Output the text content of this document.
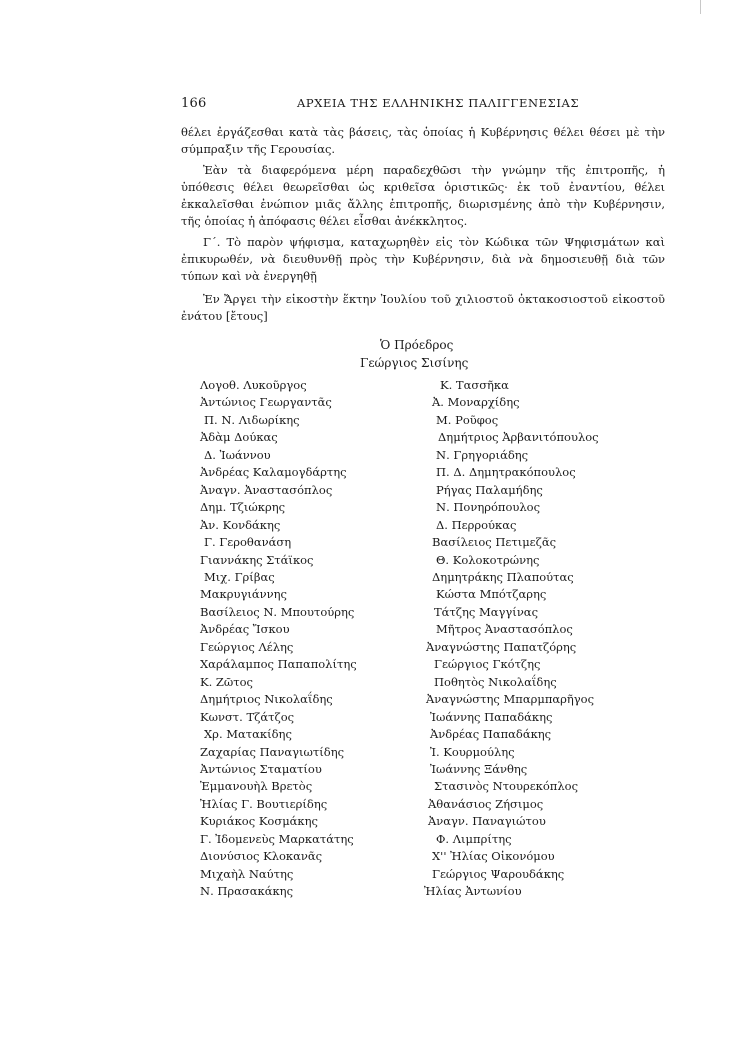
166	ΑΡΧΕΙΑ ΤΗΣ ΕΛΛΗΝΙΚΗΣ ΠΑΛΙΓΓΕΝΕΣΙΑΣ

θέλει ἐργάζεσθαι κατὰ τὰς βάσεις, τὰς ὁποίας ἡ Κυβέρνησις θέλει θέσει μὲ τὴν σύμπραξιν τῆς Γερουσίας.

Ἐὰν τὰ διαφερόμενα μέρη παραδεχθῶσι τὴν γνώμην τῆς ἐπιτροπῆς, ἡ ὑπόθεσις θέλει θεωρεῖσθαι ὡς κριθεῖσα ὁριστικῶς· ἐκ τοῦ ἐναντίου, θέλει ἐκκαλεῖσθαι ἐνώπιον μιᾶς ἄλλης ἐπιτροπῆς, διωρισμένης ἀπὸ τὴν Κυβέρνησιν, τῆς ὁποίας ἡ ἀπόφασις θέλει εἶσθαι ἀνέκκλητος.

Γ΄. Τὸ παρὸν ψήφισμα, καταχωρηθὲν εἰς τὸν Κώδικα τῶν Ψηφισμάτων καὶ ἐπικυρωθέν, νὰ διευθυνθῇ πρὸς τὴν Κυβέρνησιν, διὰ νὰ δημοσιευθῇ διὰ τῶν τύπων καὶ νὰ ἐνεργηθῇ

Ἐν Ἄργει τὴν εἰκοστὴν ἕκτην Ἰουλίου τοῦ χιλιοστοῦ ὀκτακοσιοστοῦ εἰκοστοῦ ἐνάτου [ἔτους]

Ὁ Πρόεδρος
Γεώργιος Σισίνης
Λογοθ. Λυκοῦργος
Ἀντώνιος Γεωργαντᾶς
Π. Ν. Λιδωρίκης
Ἀδὰμ Δούκας
Δ. Ἰωάννου
Ἀνδρέας Καλαμογδάρτης
Ἀναγν. Ἀναστασόπλος
Δημ. Τζιώκρης
Ἀν. Κονδάκης
Γ. Γεροθανάση
Γιαννάκης Στάϊκος
Μιχ. Γρίβας
Μακρυγιάννης
Βασίλειος Ν. Μπουτούρης
Ἀνδρέας Ἴσκου
Γεώργιος Λέλης
Χαράλαμπος Παπαπολίτης
Κ. Ζῶτος
Δημήτριος Νικολαΐδης
Κωνστ. Τζάτζος
Χρ. Ματακίδης
Ζαχαρίας Παναγιωτίδης
Ἀντώνιος Σταματίου
Ἐμμανουὴλ Βρετὸς
Ἠλίας Γ. Βουτιερίδης
Κυριάκος Κοσμάκης
Γ. Ἰδομενεὺς Μαρκατάτης
Διονύσιος Κλοκανᾶς
Μιχαὴλ Ναύτης
Ν. Πρασακάκης
Κ. Τασσῆκα
Ἀ. Μοναρχίδης
Μ. Ροῦφος
Δημήτριος Ἀρβανιτόπουλος
Ν. Γρηγοριάδης
Π. Δ. Δημητρακόπουλος
Ρήγας Παλαμήδης
Ν. Πονηρόπουλος
Δ. Περρούκας
Βασίλειος Πετιμεζᾶς
Θ. Κολοκοτρώνης
Δημητράκης Πλαπούτας
Κώστα Μπότζαρης
Τάτζης Μαγγίνας
Μῆτρος Ἀναστασόπλος
Ἀναγνώστης Παπατζόρης
Γεώργιος Γκότζης
Ποθητὸς Νικολαΐδης
Ἀναγνώστης Μπαρμπαρῆγος
Ἰωάννης Παπαδάκης
Ἀνδρέας Παπαδάκης
Ἰ. Κουρμούλης
Ἰωάννης Ξάνθης
Στασινὸς Ντουρεκόπλος
Ἀθανάσιος Ζήσιμος
Ἀναγν. Παναγιώτου
Φ. Λιμπρίτης
Χ'' Ἠλίας Οἰκονόμου
Γεώργιος Ψαρουδάκης
Ἠλίας Ἀντωνίου
